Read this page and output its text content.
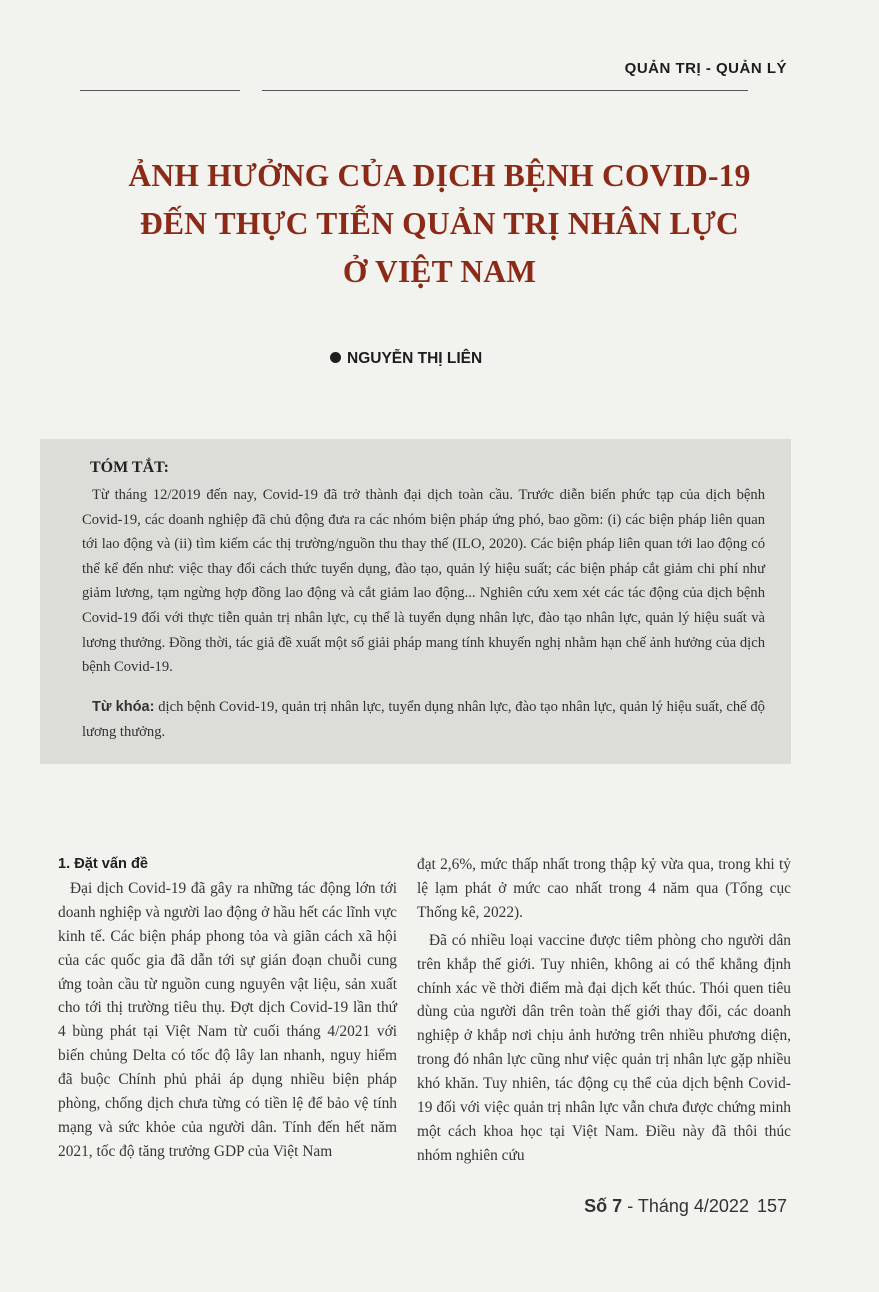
QUẢN TRỊ - QUẢN LÝ
ẢNH HƯỞNG CỦA DỊCH BỆNH COVID-19
ĐẾN THỰC TIỄN QUẢN TRỊ NHÂN LỰC
Ở VIỆT NAM
NGUYỄN THỊ LIÊN
TÓM TẮT:

Từ tháng 12/2019 đến nay, Covid-19 đã trở thành đại dịch toàn cầu. Trước diễn biến phức tạp của dịch bệnh Covid-19, các doanh nghiệp đã chủ động đưa ra các nhóm biện pháp ứng phó, bao gồm: (i) các biện pháp liên quan tới lao động và (ii) tìm kiếm các thị trường/nguồn thu thay thế (ILO, 2020). Các biện pháp liên quan tới lao động có thể kể đến như: việc thay đổi cách thức tuyển dụng, đào tạo, quản lý hiệu suất; các biện pháp cắt giảm chi phí như giảm lương, tạm ngừng hợp đồng lao động và cắt giảm lao động... Nghiên cứu xem xét các tác động của dịch bệnh Covid-19 đối với thực tiễn quản trị nhân lực, cụ thể là tuyển dụng nhân lực, đào tạo nhân lực, quản lý hiệu suất và lương thưởng. Đồng thời, tác giả đề xuất một số giải pháp mang tính khuyến nghị nhằm hạn chế ảnh hưởng của dịch bệnh Covid-19.

Từ khóa: dịch bệnh Covid-19, quản trị nhân lực, tuyển dụng nhân lực, đào tạo nhân lực, quản lý hiệu suất, chế độ lương thưởng.

1. Đặt vấn đề

Đại dịch Covid-19 đã gây ra những tác động lớn tới doanh nghiệp và người lao động ở hầu hết các lĩnh vực kinh tế. Các biện pháp phong tỏa và giãn cách xã hội của các quốc gia đã dẫn tới sự gián đoạn chuỗi cung ứng toàn cầu từ nguồn cung nguyên vật liệu, sản xuất cho tới thị trường tiêu thụ. Đợt dịch Covid-19 lần thứ 4 bùng phát tại Việt Nam từ cuối tháng 4/2021 với biến chủng Delta có tốc độ lây lan nhanh, nguy hiểm đã buộc Chính phủ phải áp dụng nhiều biện pháp phòng, chống dịch chưa từng có tiền lệ để bảo vệ tính mạng và sức khỏe của người dân. Tính đến hết năm 2021, tốc độ tăng trưởng GDP của Việt Nam

đạt 2,6%, mức thấp nhất trong thập kỷ vừa qua, trong khi tỷ lệ lạm phát ở mức cao nhất trong 4 năm qua (Tổng cục Thống kê, 2022).

Đã có nhiều loại vaccine được tiêm phòng cho người dân trên khắp thế giới. Tuy nhiên, không ai có thể khẳng định chính xác về thời điểm mà đại dịch kết thúc. Thói quen tiêu dùng của người dân trên toàn thế giới thay đổi, các doanh nghiệp ở khắp nơi chịu ảnh hưởng trên nhiều phương diện, trong đó nhân lực cũng như việc quản trị nhân lực gặp nhiều khó khăn. Tuy nhiên, tác động cụ thể của dịch bệnh Covid-19 đối với việc quản trị nhân lực vẫn chưa được chứng minh một cách khoa học tại Việt Nam. Điều này đã thôi thúc nhóm nghiên cứu

Số 7 - Tháng 4/2022 157
